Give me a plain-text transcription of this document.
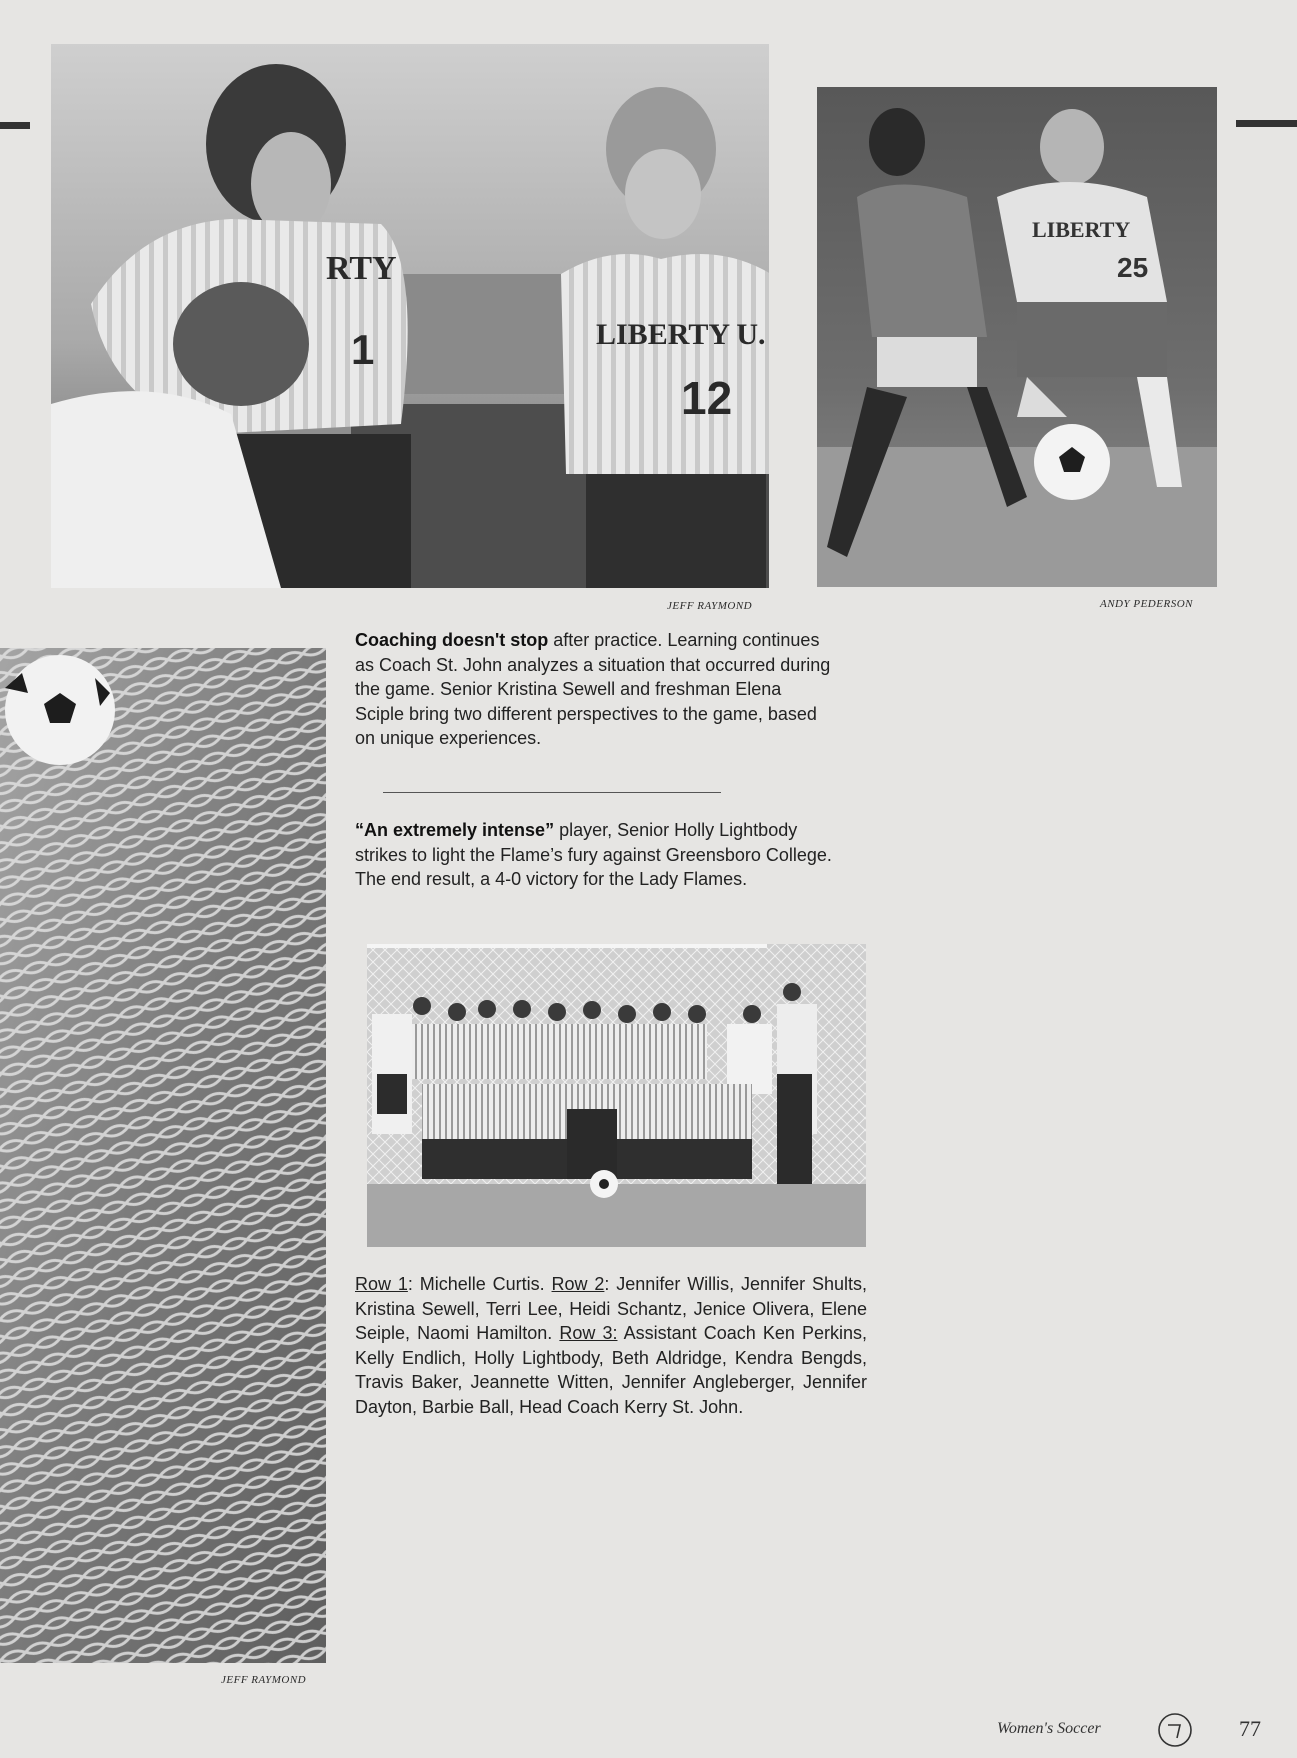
RTY
1	LIBERTY U.
12
JEFF RAYMOND
LIBERTY
25
ANDY PEDERSON
JEFF RAYMOND
Coaching doesn't stop after practice. Learning continues as Coach St. John analyzes a situation that occurred during the game. Senior Kristina Sewell and freshman Elena Sciple bring two different perspectives to the game, based on unique experiences.
“An extremely intense” player, Senior Holly Lightbody strikes to light the Flame’s fury against Greensboro College. The end result, a 4-0 victory for the Lady Flames.
Row 1: Michelle Curtis. Row 2: Jennifer Willis, Jennifer Shults, Kristina Sewell, Terri Lee, Heidi Schantz, Jenice Olivera, Elene Seiple, Naomi Hamilton. Row 3: Assistant Coach Ken Perkins, Kelly Endlich, Holly Lightbody, Beth Aldridge, Kendra Bengds, Travis Baker, Jeannette Witten, Jennifer Angleberger, Jennifer Dayton, Barbie Ball, Head Coach Kerry St. John.
Women's Soccer	77
